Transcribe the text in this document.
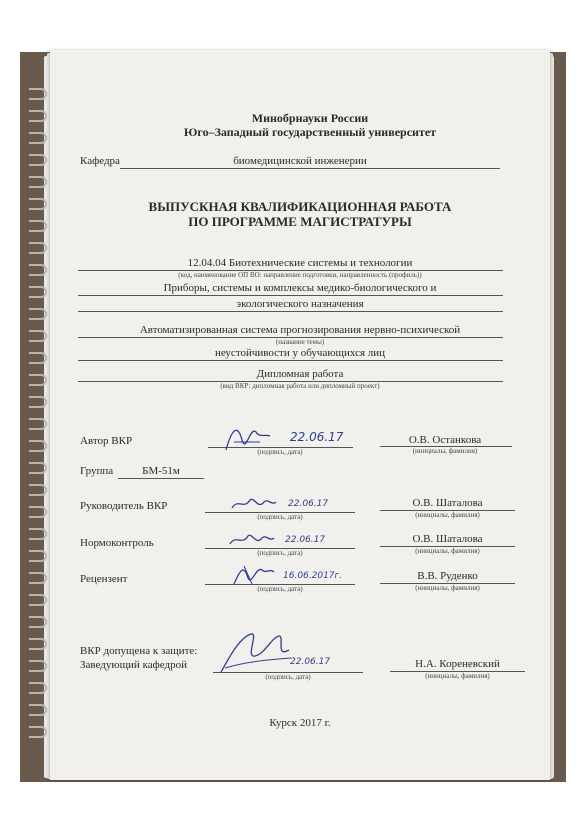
Минобрнауки России
Юго–Западный государственный университет
Кафедра	биомедицинской инженерии
ВЫПУСКНАЯ КВАЛИФИКАЦИОННАЯ РАБОТА
ПО ПРОГРАММЕ МАГИСТРАТУРЫ
12.04.04 Биотехнические системы и технологии
(код, наименование ОП ВО: направление подготовки, направленность (профиль))
Приборы, системы и комплексы медико-биологического и
экологического назначения
Автоматизированная система прогнозирования нервно-психической
(название темы)
неустойчивости у обучающихся лиц
Дипломная работа
(вид ВКР: дипломная работа или дипломный проект)
Автор ВКР	22.06.17
(подпись, дата)
О.В. Останкова
(инициалы, фамилия)
Группа	БМ-51м
Руководитель ВКР	22.06.17
(подпись, дата)
О.В. Шаталова
(инициалы, фамилия)
Нормоконтроль	22.06.17
(подпись, дата)
О.В. Шаталова
(инициалы, фамилия)
Рецензент	16.06.2017г.
(подпись, дата)
В.В. Руденко
(инициалы, фамилия)
ВКР допущена к защите:
Заведующий кафедрой	22.06.17
(подпись, дата)
Н.А. Кореневский
(инициалы, фамилия)
Курск 2017 г.
